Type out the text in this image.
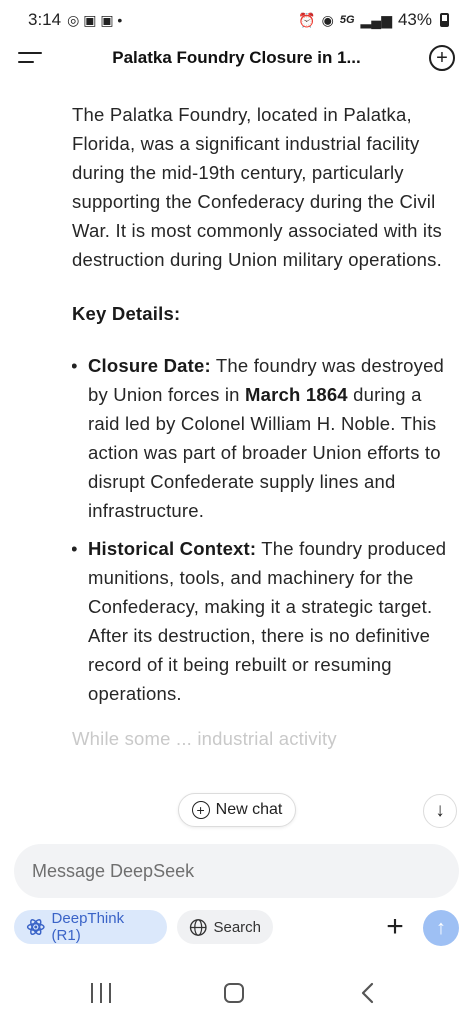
3:14 ◎ ▣ ▣ •	⏰ ◉ 5G ▂▄▆ 43%
Palatka Foundry Closure in 1...	+

The Palatka Foundry, located in Palatka, Florida, was a significant industrial facility during the mid-19th century, particularly supporting the Confederacy during the Civil War. It is most commonly associated with its destruction during Union military operations.

Key Details:

• Closure Date: The foundry was destroyed by Union forces in March 1864 during a raid led by Colonel William H. Noble. This action was part of broader Union efforts to disrupt Confederate supply lines and infrastructure.
• Historical Context: The foundry produced munitions, tools, and machinery for the Confederacy, making it a strategic target. After its destruction, there is no definitive record of it being rebuilt or resuming operations.

While some ... industrial activity

+ New chat	↓
Message DeepSeek
DeepThink (R1)	Search	+ ↑
